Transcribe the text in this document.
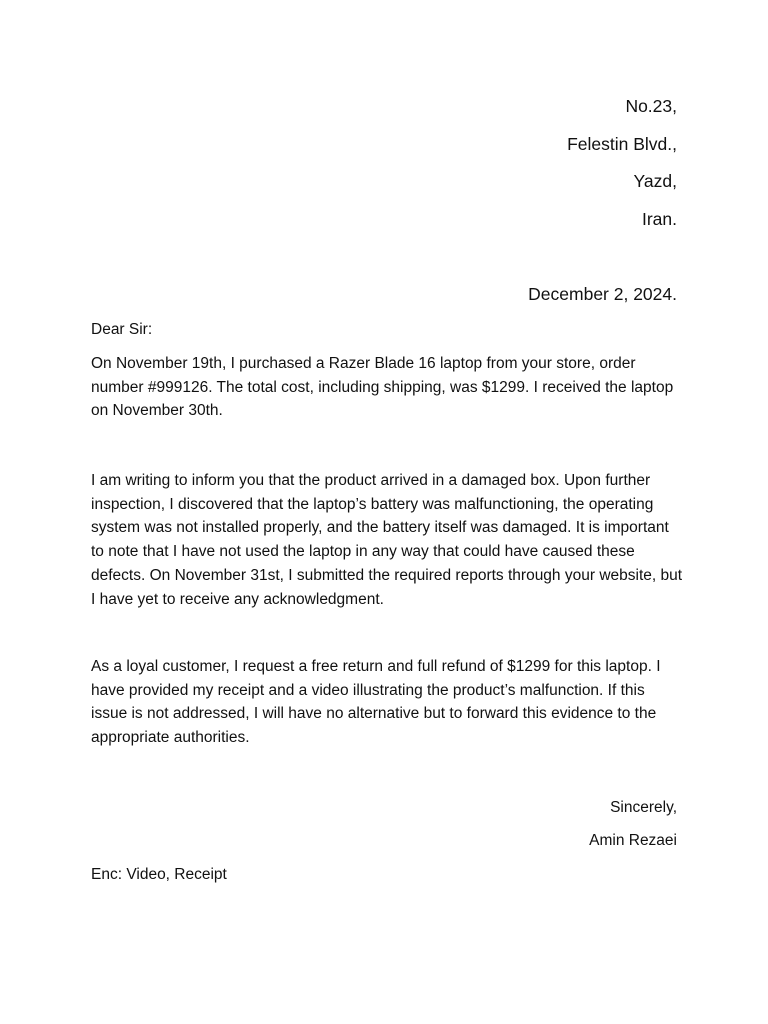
No.23,
Felestin Blvd.,
Yazd,
Iran.
December 2, 2024.
Dear Sir:
On November 19th, I purchased a Razer Blade 16 laptop from your store, order number #999126. The total cost, including shipping, was $1299. I received the laptop on November 30th.
I am writing to inform you that the product arrived in a damaged box. Upon further inspection, I discovered that the laptop’s battery was malfunctioning, the operating system was not installed properly, and the battery itself was damaged. It is important to note that I have not used the laptop in any way that could have caused these defects. On November 31st, I submitted the required reports through your website, but I have yet to receive any acknowledgment.
As a loyal customer, I request a free return and full refund of $1299 for this laptop. I have provided my receipt and a video illustrating the product’s malfunction. If this issue is not addressed, I will have no alternative but to forward this evidence to the appropriate authorities.
Sincerely,
Amin Rezaei
Enc: Video, Receipt
